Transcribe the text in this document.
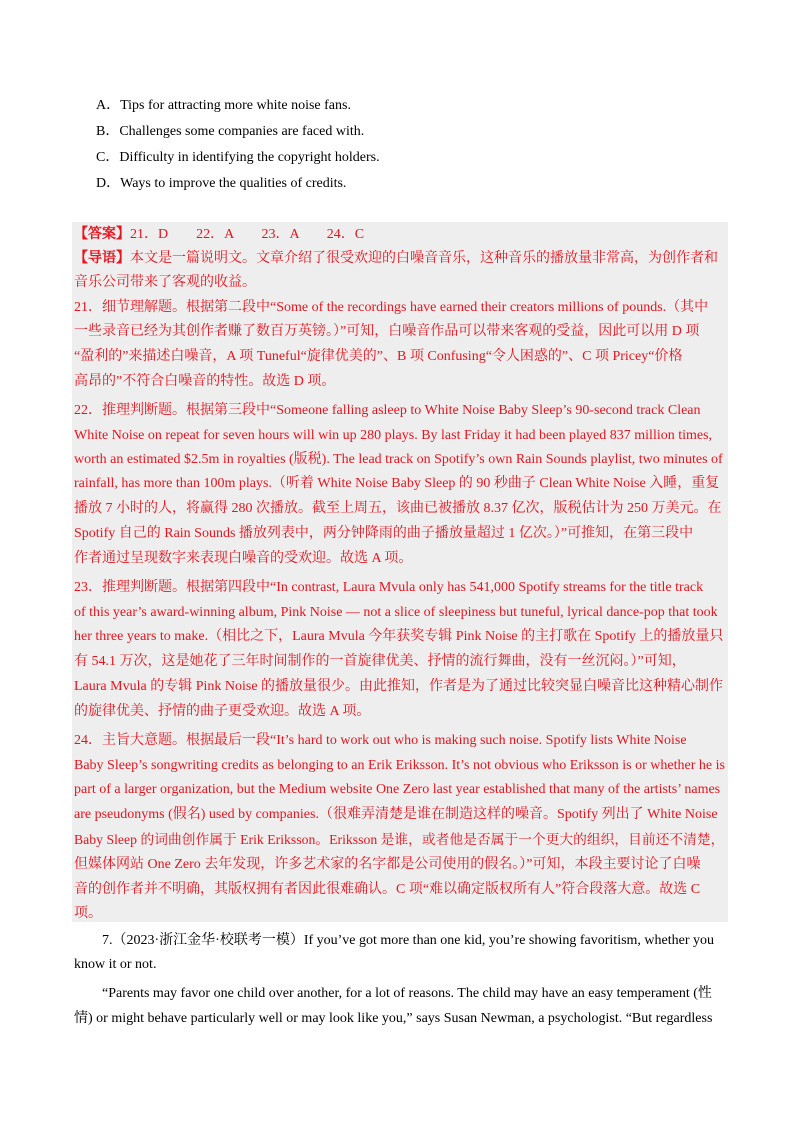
A．Tips for attracting more white noise fans.
B．Challenges some companies are faced with.
C．Difficulty in identifying the copyright holders.
D．Ways to improve the qualities of credits.
【答案】21．D　　22．A　　23．A　　24．C
【导语】本文是一篇说明文。文章介绍了很受欢迎的白噪音音乐，这种音乐的播放量非常高，为创作者和
音乐公司带来了客观的收益。
21．细节理解题。根据第二段中“Some of the recordings have earned their creators millions of pounds.（其中
一些录音已经为其创作者赚了数百万英镑。）”可知，白噪音作品可以带来客观的受益，因此可以用 D 项
“盈利的”来描述白噪音，A 项 Tuneful“旋律优美的”、B 项 Confusing“令人困惑的”、C 项 Pricey“价格
高昂的”不符合白噪音的特性。故选 D 项。
22．推理判断题。根据第三段中“Someone falling asleep to White Noise Baby Sleep’s 90-second track Clean
White Noise on repeat for seven hours will win up 280 plays. By last Friday it had been played 837 million times,
worth an estimated $2.5m in royalties (版税). The lead track on Spotify’s own Rain Sounds playlist, two minutes of
rainfall, has more than 100m plays.（听着 White Noise Baby Sleep 的 90 秒曲子 Clean White Noise 入睡，重复
播放 7 小时的人，将赢得 280 次播放。截至上周五，该曲已被播放 8.37 亿次，版税估计为 250 万美元。在
Spotify 自己的 Rain Sounds 播放列表中，两分钟降雨的曲子播放量超过 1 亿次。）”可推知，在第三段中
作者通过呈现数字来表现白噪音的受欢迎。故选 A 项。
23．推理判断题。根据第四段中“In contrast, Laura Mvula only has 541,000 Spotify streams for the title track
of this year’s award-winning album, Pink Noise — not a slice of sleepiness but tuneful, lyrical dance-pop that took
her three years to make.（相比之下，Laura Mvula 今年获奖专辑 Pink Noise 的主打歌在 Spotify 上的播放量只
有 54.1 万次，这是她花了三年时间制作的一首旋律优美、抒情的流行舞曲，没有一丝沉闷。）”可知，
Laura Mvula 的专辑 Pink Noise 的播放量很少。由此推知，作者是为了通过比较突显白噪音比这种精心制作
的旋律优美、抒情的曲子更受欢迎。故选 A 项。
24．主旨大意题。根据最后一段“It’s hard to work out who is making such noise. Spotify lists White Noise
Baby Sleep’s songwriting credits as belonging to an Erik Eriksson. It’s not obvious who Eriksson is or whether he is
part of a larger organization, but the Medium website One Zero last year established that many of the artists’ names
are pseudonyms (假名) used by companies.（很难弄清楚是谁在制造这样的噪音。Spotify 列出了 White Noise
Baby Sleep 的词曲创作属于 Erik Eriksson。Eriksson 是谁，或者他是否属于一个更大的组织，目前还不清楚，
但媒体网站 One Zero 去年发现，许多艺术家的名字都是公司使用的假名。）”可知，本段主要讨论了白噪
音的创作者并不明确，其版权拥有者因此很难确认。C 项“难以确定版权所有人”符合段落大意。故选 C
项。
　　7.（2023·浙江金华·校联考一模）If you’ve got more than one kid, you’re showing favoritism, whether you
know it or not.
　　“Parents may favor one child over another, for a lot of reasons. The child may have an easy temperament (性
情) or might behave particularly well or may look like you,” says Susan Newman, a psychologist. “But regardless
